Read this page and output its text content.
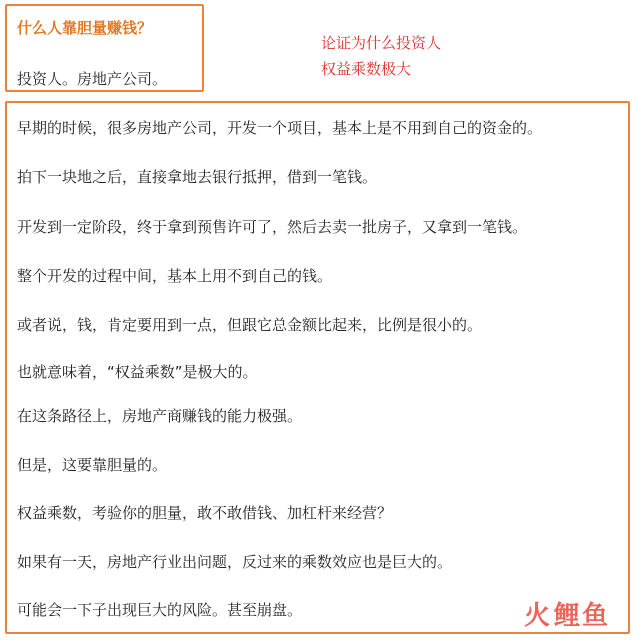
什么人靠胆量赚钱？
投资人。房地产公司。
论证为什么投资人
权益乘数极大
早期的时候，很多房地产公司，开发一个项目，基本上是不用到自己的资金的。
拍下一块地之后，直接拿地去银行抵押，借到一笔钱。
开发到一定阶段，终于拿到预售许可了，然后去卖一批房子，又拿到一笔钱。
整个开发的过程中间，基本上用不到自己的钱。
或者说，钱，肯定要用到一点，但跟它总金额比起来，比例是很小的。
也就意味着，“权益乘数”是极大的。
在这条路径上，房地产商赚钱的能力极强。
但是，这要靠胆量的。
权益乘数，考验你的胆量，敢不敢借钱、加杠杆来经营？
如果有一天，房地产行业出问题，反过来的乘数效应也是巨大的。
可能会一下子出现巨大的风险。甚至崩盘。	火 鲤鱼
